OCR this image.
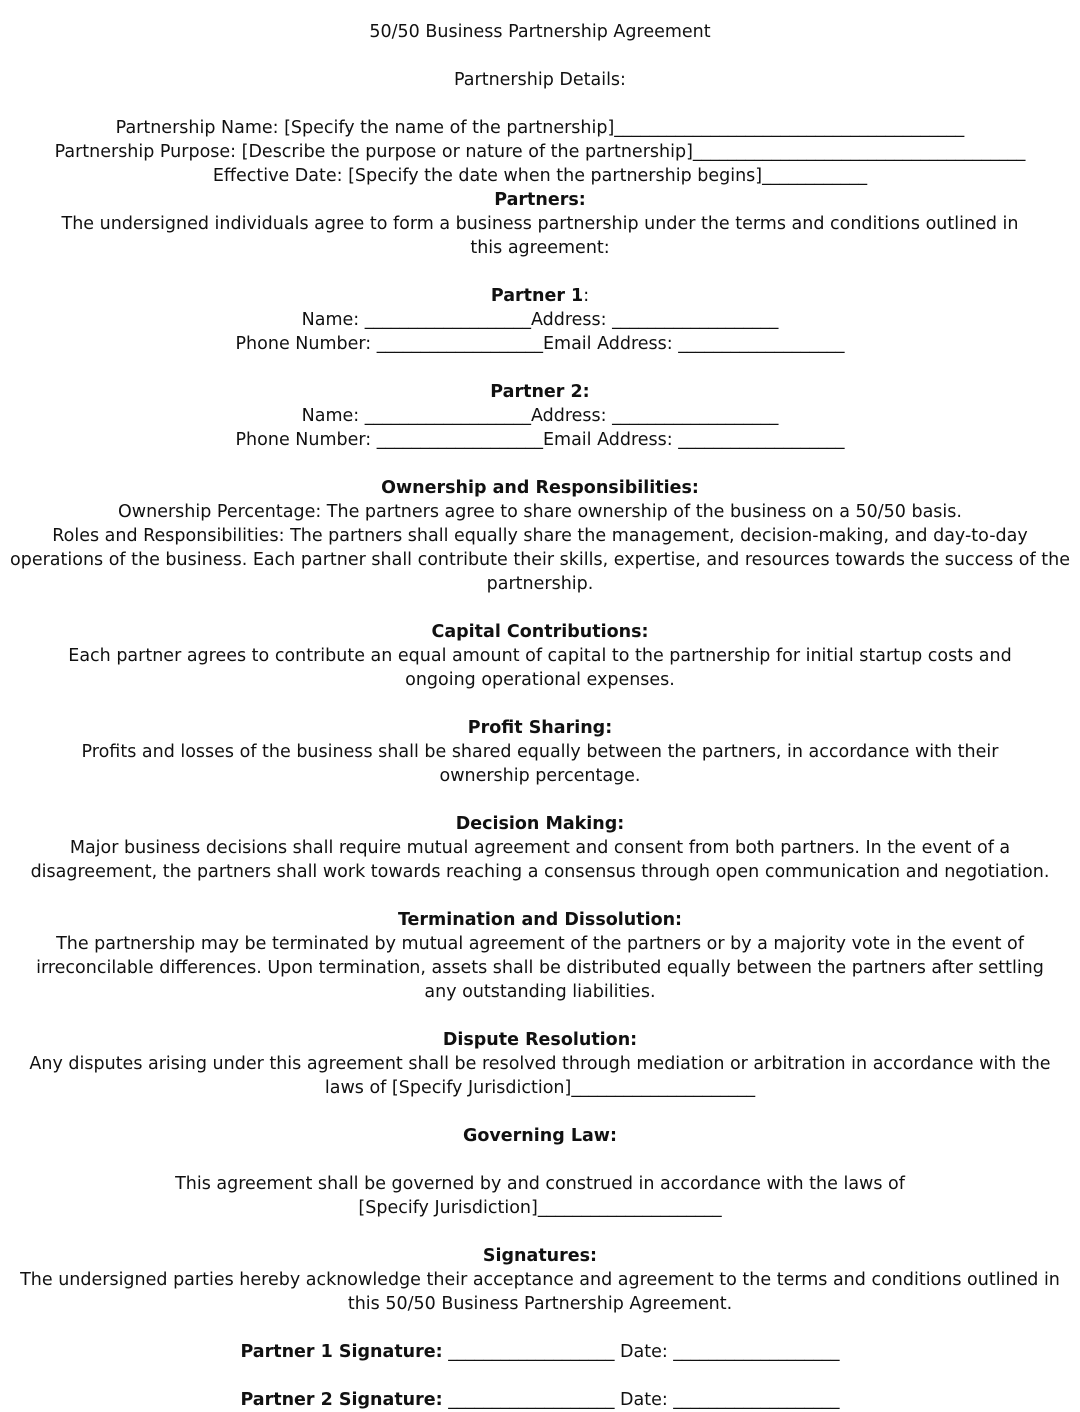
50/50 Business Partnership Agreement
Partnership Details:
Partnership Name: [Specify the name of the partnership]________________________________________
Partnership Purpose: [Describe the purpose or nature of the partnership]______________________________________
Effective Date: [Specify the date when the partnership begins]____________
Partners:
The undersigned individuals agree to form a business partnership under the terms and conditions outlined in this agreement:
Partner 1:
Name: ___________________Address: ___________________
Phone Number: ___________________Email Address: ___________________
Partner 2:
Name: ___________________Address: ___________________
Phone Number: ___________________Email Address: ___________________
Ownership and Responsibilities:
Ownership Percentage: The partners agree to share ownership of the business on a 50/50 basis.
Roles and Responsibilities: The partners shall equally share the management, decision-making, and day-to-day operations of the business. Each partner shall contribute their skills, expertise, and resources towards the success of the partnership.
Capital Contributions:
Each partner agrees to contribute an equal amount of capital to the partnership for initial startup costs and ongoing operational expenses.
Profit Sharing:
Profits and losses of the business shall be shared equally between the partners, in accordance with their ownership percentage.
Decision Making:
Major business decisions shall require mutual agreement and consent from both partners. In the event of a disagreement, the partners shall work towards reaching a consensus through open communication and negotiation.
Termination and Dissolution:
The partnership may be terminated by mutual agreement of the partners or by a majority vote in the event of irreconcilable differences. Upon termination, assets shall be distributed equally between the partners after settling any outstanding liabilities.
Dispute Resolution:
Any disputes arising under this agreement shall be resolved through mediation or arbitration in accordance with the laws of [Specify Jurisdiction]_____________________
Governing Law:
This agreement shall be governed by and construed in accordance with the laws of [Specify Jurisdiction]_____________________
Signatures:
The undersigned parties hereby acknowledge their acceptance and agreement to the terms and conditions outlined in this 50/50 Business Partnership Agreement.
Partner 1 Signature: ___________________ Date: ___________________
Partner 2 Signature: ___________________ Date: ___________________
